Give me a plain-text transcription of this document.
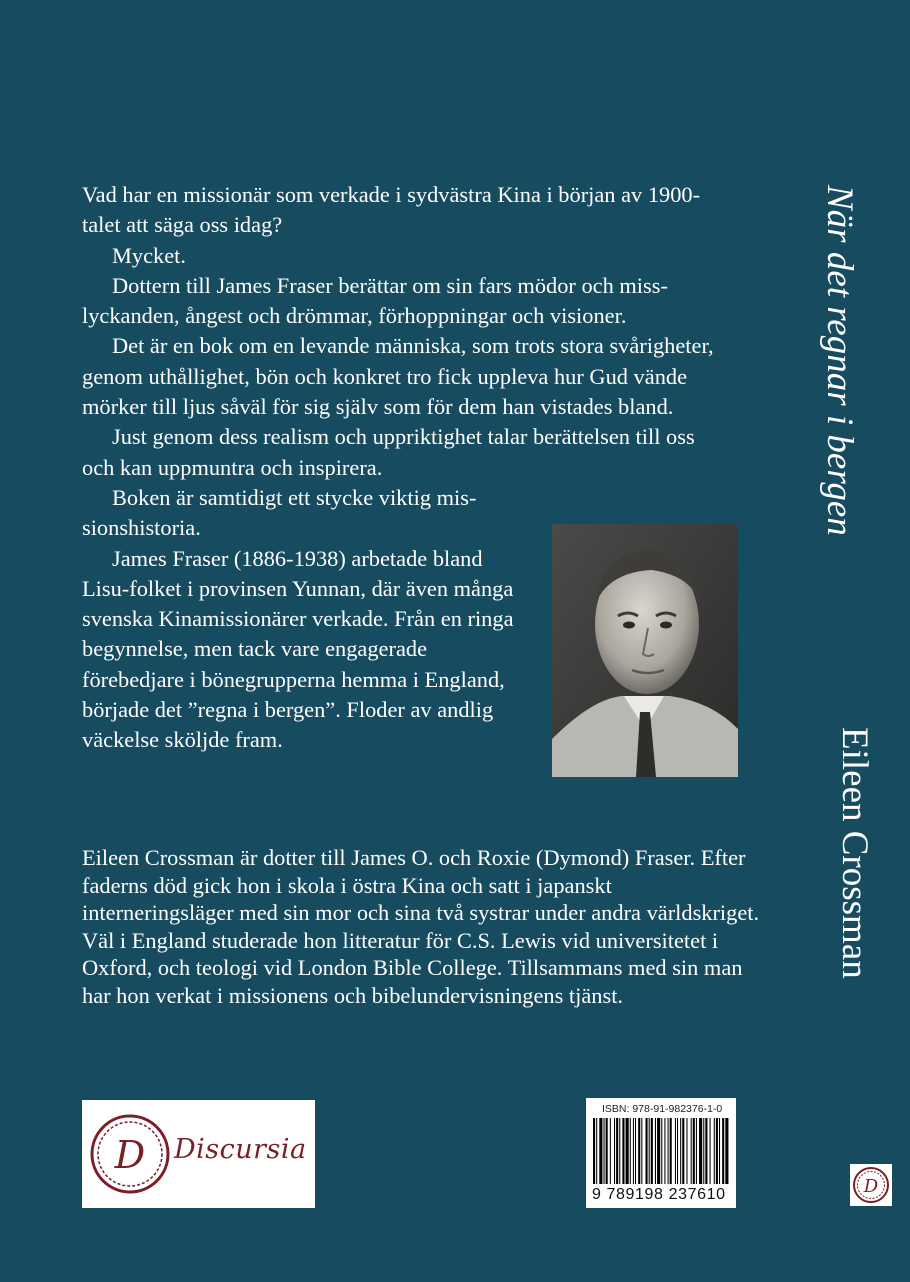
Vad har en missionär som verkade i sydvästra Kina i början av 1900- talet att säga oss idag?

Mycket.

Dottern till James Fraser berättar om sin fars mödor och misslyckanden, ångest och drömmar, förhoppningar och visioner.

Det är en bok om en levande människa, som trots stora svårigheter, genom uthållighet, bön och konkret tro fick uppleva hur Gud vände mörker till ljus såväl för sig själv som för dem han vistades bland.

Just genom dess realism och uppriktighet talar berättelsen till oss och kan uppmuntra och inspirera.

Boken är samtidigt ett stycke viktig missionshistoria.

James Fraser (1886-1938) arbetade bland Lisu-folket i provinsen Yunnan, där även många svenska Kinamissionärer verkade. Från en ringa begynnelse, men tack vare engagerade förebedjare i bönegrupperna hemma i England, började det ”regna i bergen”. Floder av andlig väckelse sköljde fram.

Eileen Crossman är dotter till James O. och Roxie (Dymond) Fraser. Efter faderns död gick hon i skola i östra Kina och satt i japanskt interneringsläger med sin mor och sina två systrar under andra världskriget. Väl i England studerade hon litteratur för C.S. Lewis vid universitetet i Oxford, och teologi vid London Bible College. Tillsammans med sin man har hon verkat i missionens och bibelundervisningens tjänst.

När det regnar i bergen
Eileen Crossman
D Discursia
ISBN: 978-91-982376-1-0
9 789198 237610	D
